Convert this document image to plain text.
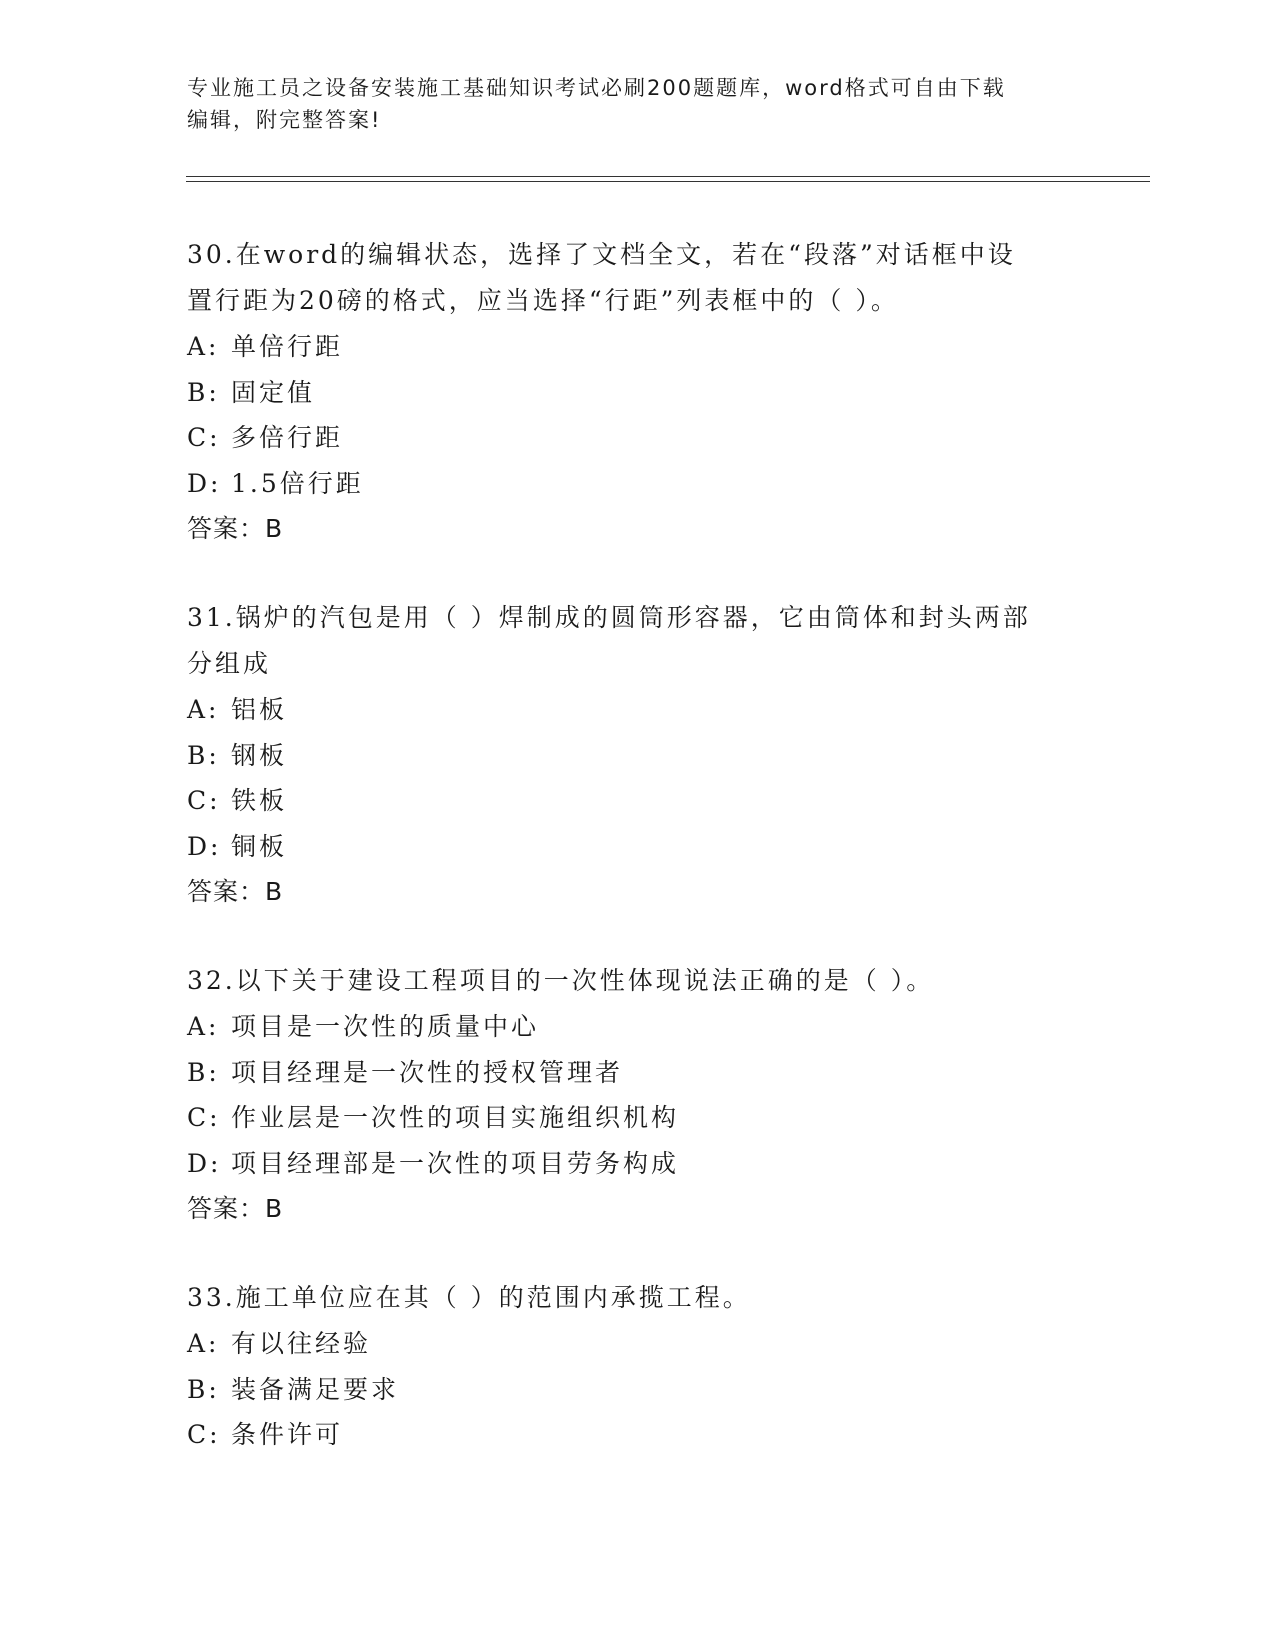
专业施工员之设备安装施工基础知识考试必刷200题题库，word格式可自由下载
编辑，附完整答案!

30.在word的编辑状态，选择了文档全文，若在“段落”对话框中设

置行距为20磅的格式，应当选择“行距”列表框中的（ ）。

A: 单倍行距

B: 固定值

C: 多倍行距

D: 1.5倍行距

答案：B

31.锅炉的汽包是用（ ）焊制成的圆筒形容器，它由筒体和封头两部

分组成

A: 铝板

B: 钢板

C: 铁板

D: 铜板

答案：B

32.以下关于建设工程项目的一次性体现说法正确的是（ ）。

A: 项目是一次性的质量中心

B: 项目经理是一次性的授权管理者

C: 作业层是一次性的项目实施组织机构

D: 项目经理部是一次性的项目劳务构成

答案：B

33.施工单位应在其（ ）的范围内承揽工程。

A: 有以往经验

B: 装备满足要求

C: 条件许可
